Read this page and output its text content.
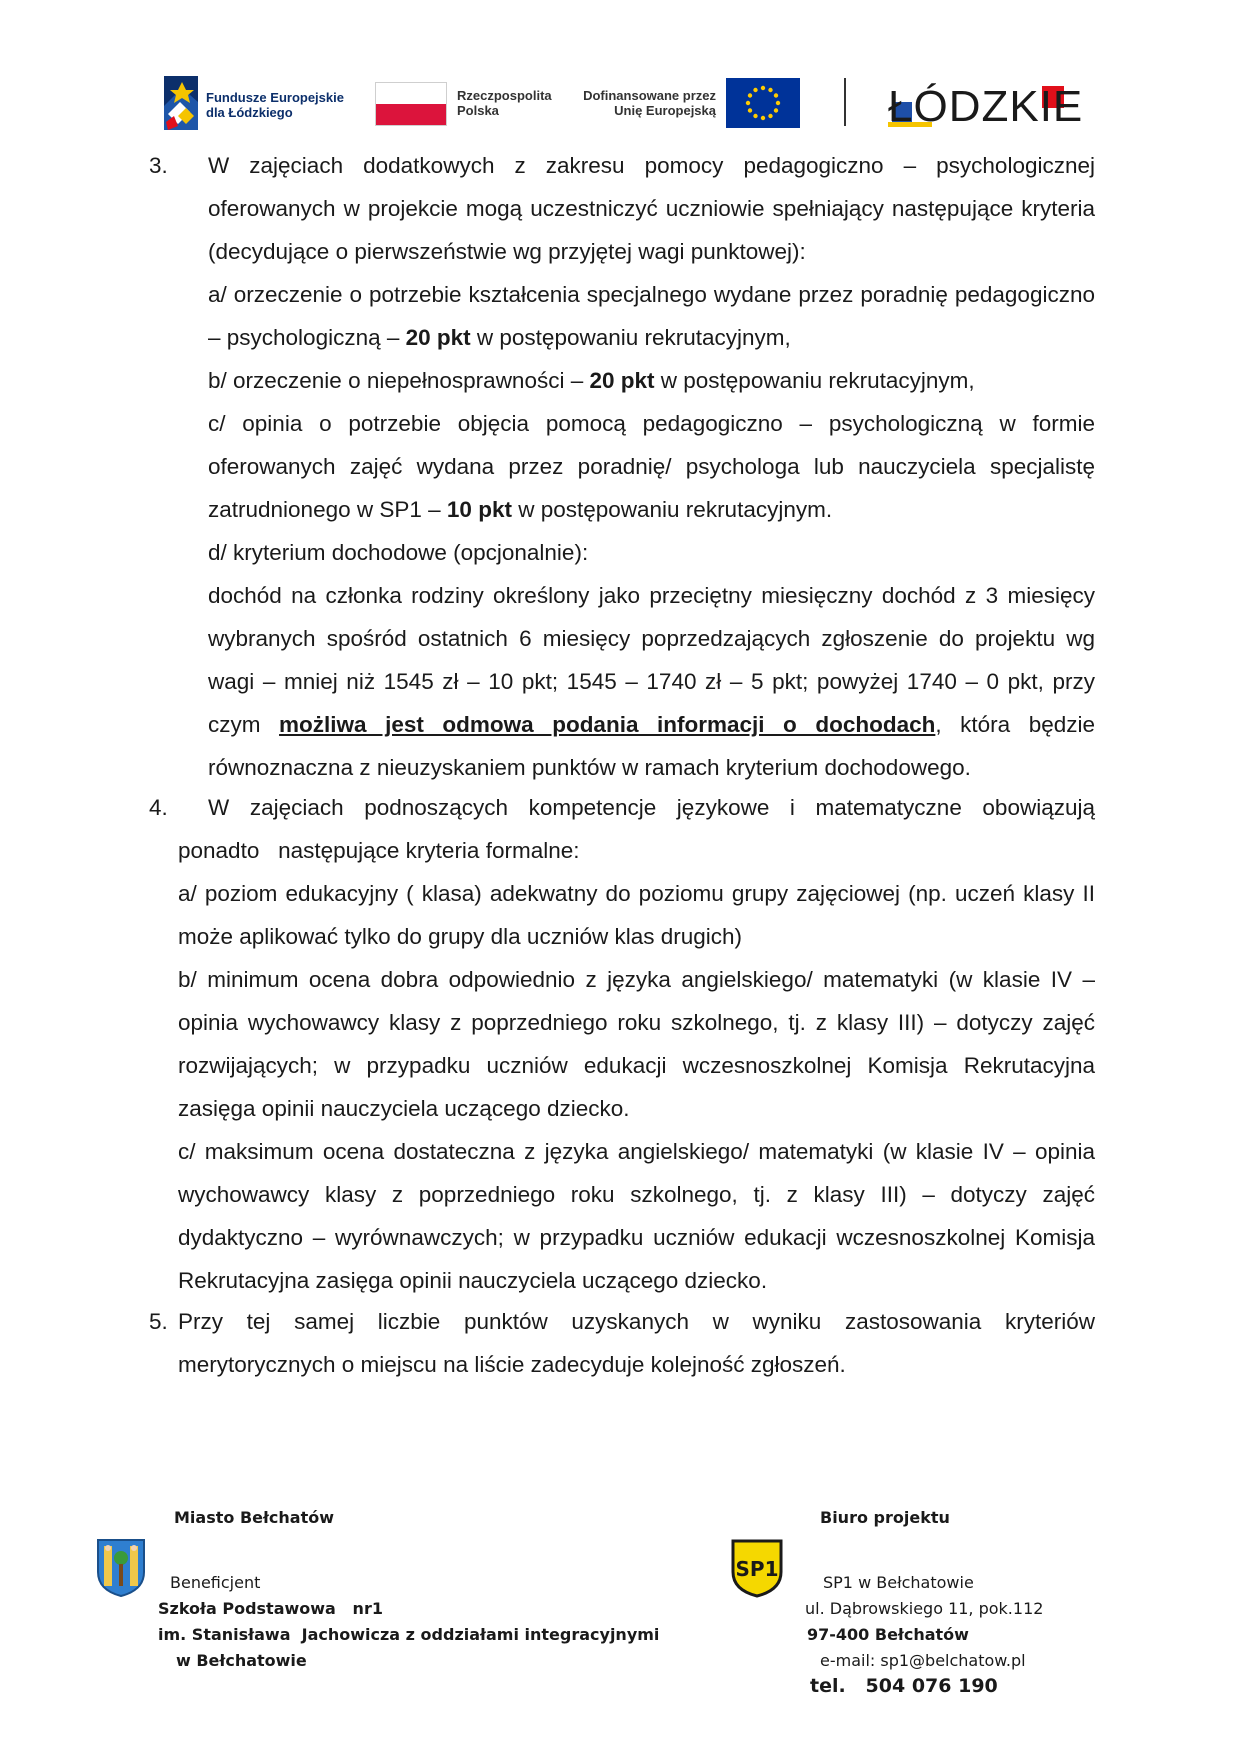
Fundusze Europejskie
dla Łódzkiego
Rzeczpospolita
Polska
Dofinansowane przez
Unię Europejską	ŁÓDZKIE
3. W zajęciach dodatkowych z zakresu pomocy pedagogiczno – psychologicznej oferowanych w projekcie mogą uczestniczyć uczniowie spełniający następujące kryteria (decydujące o pierwszeństwie wg przyjętej wagi punktowej):
a/ orzeczenie o potrzebie kształcenia specjalnego wydane przez poradnię pedagogiczno – psychologiczną – 20 pkt w postępowaniu rekrutacyjnym,
b/ orzeczenie o niepełnosprawności – 20 pkt w postępowaniu rekrutacyjnym,
c/ opinia o potrzebie objęcia pomocą pedagogiczno – psychologiczną w formie oferowanych zajęć wydana przez poradnię/ psychologa lub nauczyciela specjalistę zatrudnionego w SP1 – 10 pkt w postępowaniu rekrutacyjnym.
d/ kryterium dochodowe (opcjonalnie):
dochód na członka rodziny określony jako przeciętny miesięczny dochód z 3 miesięcy wybranych spośród ostatnich 6 miesięcy poprzedzających zgłoszenie do projektu wg wagi – mniej niż 1545 zł – 10 pkt; 1545 – 1740 zł – 5 pkt; powyżej 1740 – 0 pkt, przy czym możliwa jest odmowa podania informacji o dochodach, która będzie równoznaczna z nieuzyskaniem punktów w ramach kryterium dochodowego.
4. W zajęciach podnoszących kompetencje językowe i matematyczne obowiązują
ponadto   następujące kryteria formalne:
a/ poziom edukacyjny ( klasa) adekwatny do poziomu grupy zajęciowej (np. uczeń klasy II może aplikować tylko do grupy dla uczniów klas drugich)
b/ minimum ocena dobra odpowiednio z języka angielskiego/ matematyki (w klasie IV – opinia wychowawcy klasy z poprzedniego roku szkolnego, tj. z klasy III) – dotyczy zajęć rozwijających; w przypadku uczniów edukacji wczesnoszkolnej Komisja Rekrutacyjna zasięga opinii nauczyciela uczącego dziecko.
c/ maksimum ocena dostateczna z języka angielskiego/ matematyki (w klasie IV – opinia wychowawcy klasy z poprzedniego roku szkolnego, tj. z klasy III) – dotyczy zajęć dydaktyczno – wyrównawczych; w przypadku uczniów edukacji wczesnoszkolnej Komisja Rekrutacyjna zasięga opinii nauczyciela uczącego dziecko.
5. Przy tej samej liczbie punktów uzyskanych w wyniku zastosowania kryteriów merytorycznych o miejscu na liście zadecyduje kolejność zgłoszeń.
Miasto Bełchatów
Beneficjent
Szkoła Podstawowa   nr1
im. Stanisława  Jachowicza z oddziałami integracyjnymi
w Bełchatowie
Biuro projektu
SP1
SP1 w Bełchatowie
ul. Dąbrowskiego 11, pok.112
97-400 Bełchatów
e-mail: sp1@belchatow.pl
tel.   504 076 190
